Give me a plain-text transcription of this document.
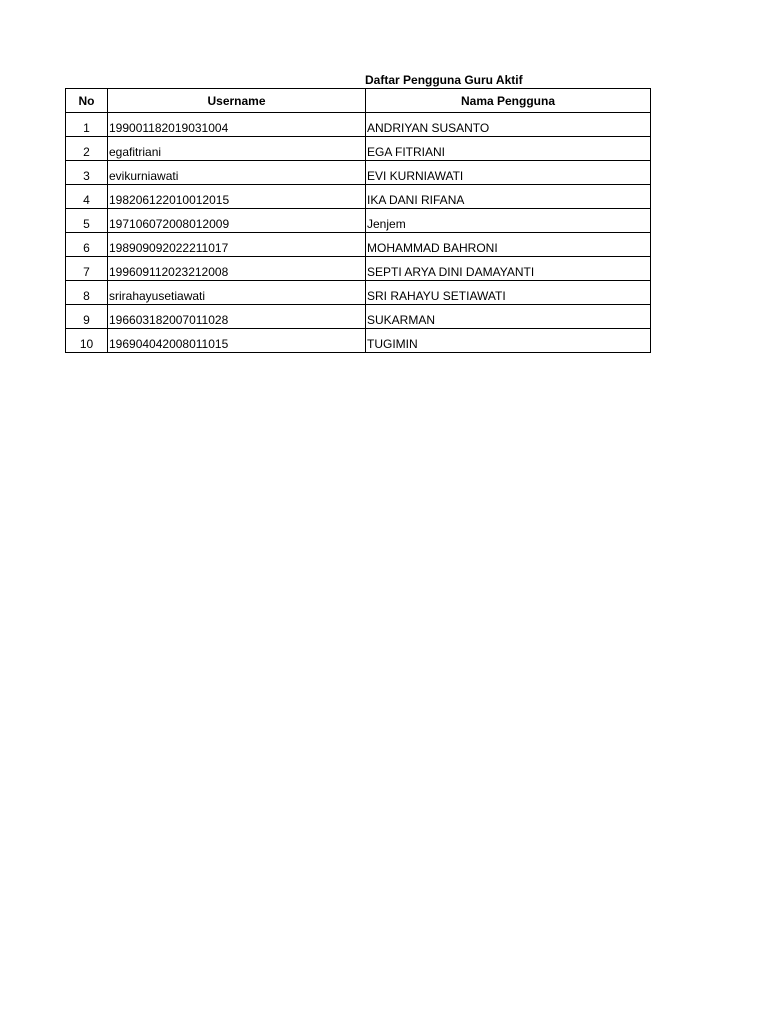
Daftar Pengguna Guru Aktif
No	Username	Nama Pengguna
1	199001182019031004	ANDRIYAN SUSANTO
2	egafitriani	EGA FITRIANI
3	evikurniawati	EVI KURNIAWATI
4	198206122010012015	IKA DANI RIFANA
5	197106072008012009	Jenjem
6	198909092022211017	MOHAMMAD BAHRONI
7	199609112023212008	SEPTI ARYA DINI DAMAYANTI
8	srirahayusetiawati	SRI RAHAYU SETIAWATI
9	196603182007011028	SUKARMAN
10	196904042008011015	TUGIMIN
